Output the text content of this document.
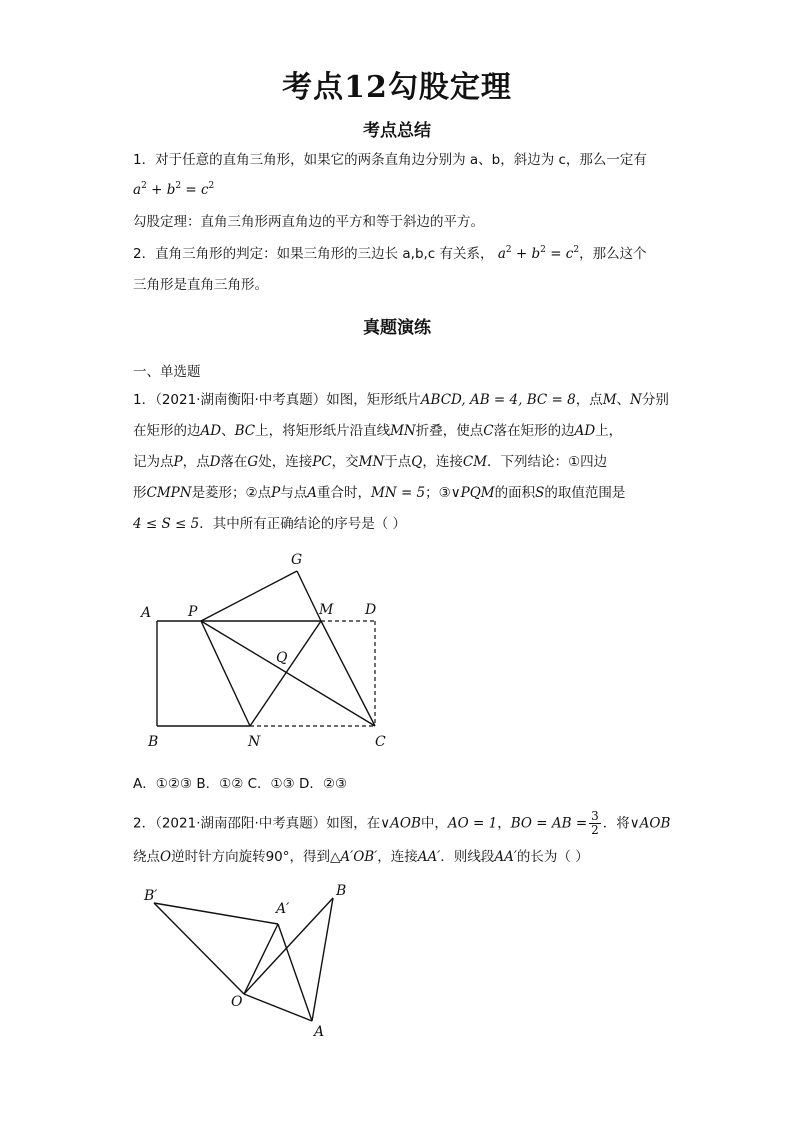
考点12勾股定理
考点总结
1．对于任意的直角三角形，如果它的两条直角边分别为 a、b，斜边为 c，那么一定有
$a^2 + b^2 = c^2$
勾股定理：直角三角形两直角边的平方和等于斜边的平方。
2．直角三角形的判定：如果三角形的三边长 a,b,c 有关系， $a^2 + b^2 = c^2$，那么这个
三角形是直角三角形。
真题演练
一、单选题
1．（2021·湖南衡阳·中考真题）如图，矩形纸片ABCD, AB = 4, BC = 8，点M、N分别
在矩形的边AD、BC上，将矩形纸片沿直线MN折叠，使点C落在矩形的边AD上，
记为点P，点D落在G处，连接PC，交MN于点Q，连接CM．下列结论：①四边
形CMPN是菱形；②点P与点A重合时，MN = 5；③∨PQM的面积S的取值范围是
4 ≤ S ≤ 5．其中所有正确结论的序号是（ ）
A	P
G
M D
Q
B	N	C
A．①②③ B．①② C．①③ D．②③
2．（2021·湖南邵阳·中考真题）如图，在∨AOB中，AO = 1，BO = AB = $\frac{3}{2}$ ．将∨AOB
绕点O逆时针方向旋转90°，得到△A′OB′，连接AA′．则线段AA′的长为（ ）
B′
A′
B
O
A
